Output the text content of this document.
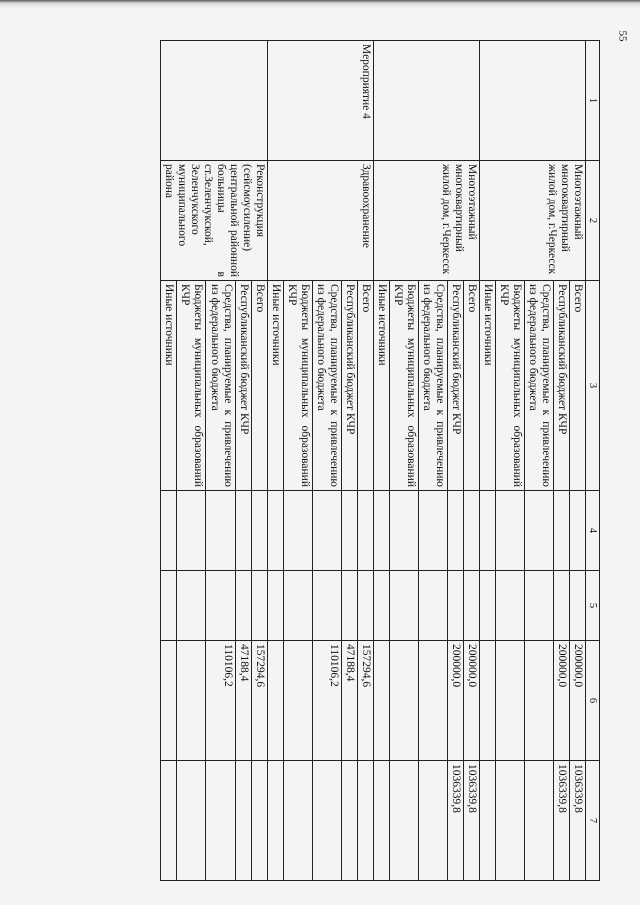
55
1	2	3	4	5	6	7
	Многоэтажный многоквартирный жилой дом, г.Черкесск	Всего			200000,0	1036339,8
		Республиканский бюджет КЧР			200000,0	1036339,8
		Средства, планируемые к привлечению из федерального бюджета				
		Бюджеты муниципальных образований КЧР				
		Иные источники				
	Многоэтажный многоквартирный жилой дом, г.Черкесск	Всего			200000,0	1036339,8
		Республиканский бюджет КЧР			200000,0	1036339,8
		Средства, планируемые к привлечению из федерального бюджета				
		Бюджеты муниципальных образований КЧР				
		Иные источники				
Мероприятие 4	Здравоохранение	Всего			157294,6	
		Республиканский бюджет КЧР			47188,4	
		Средства, планируемые к привлечению из федерального бюджета			110106,2	
		Бюджеты муниципальных образований КЧР				
		Иные источники				
	Реконструкция (сейсмоусиление) центральной районной больницы в ст.Зеленчукской, Зеленчукского муниципального района	Всего			157294,6	
		Республиканский бюджет КЧР			47188,4	
		Средства, планируемые к привлечению из федерального бюджета			110106,2	
		Бюджеты муниципальных образований КЧР				
		Иные источники				
